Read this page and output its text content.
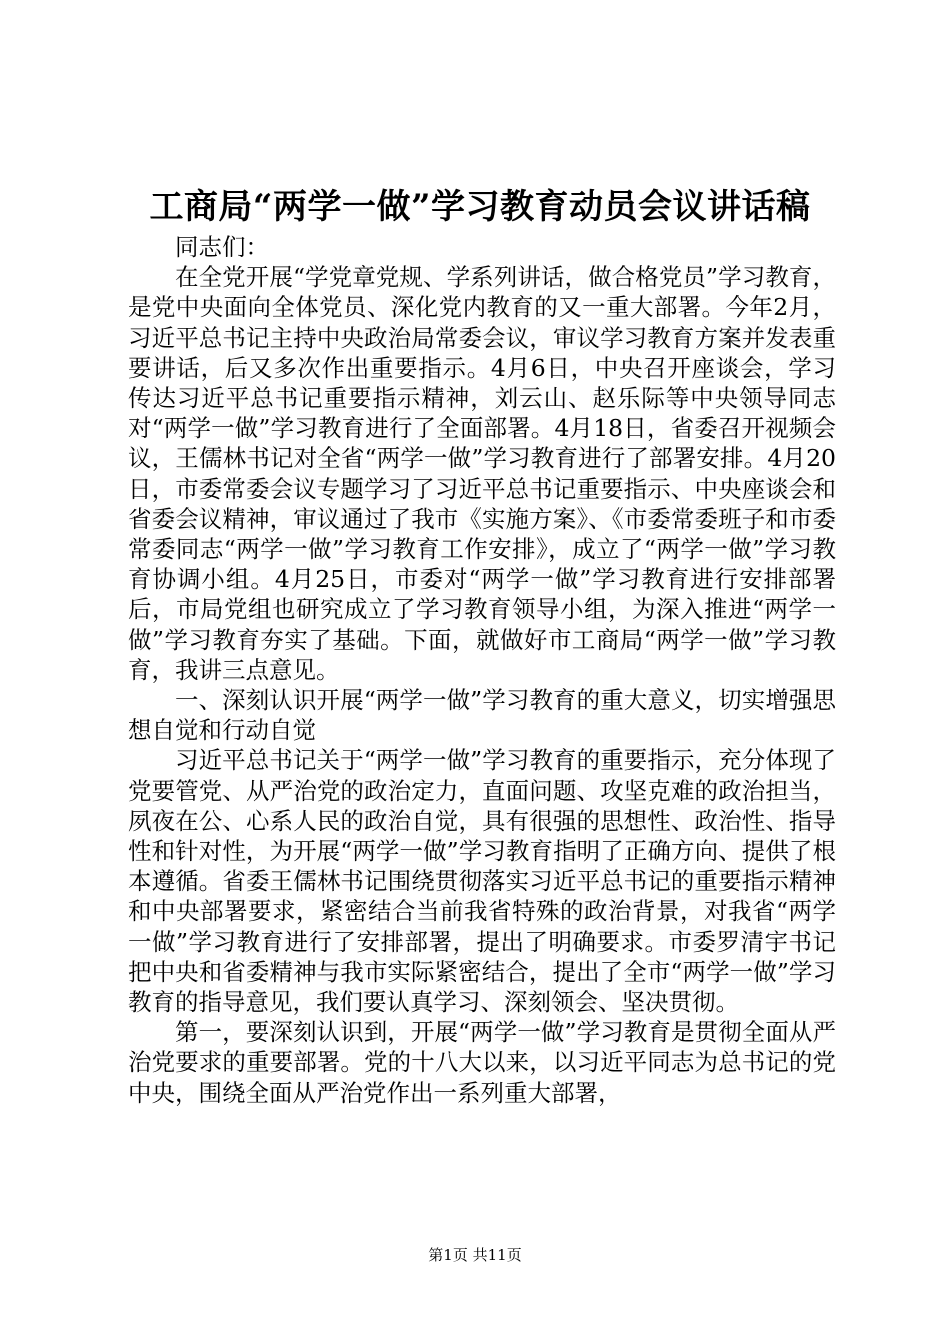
工商局“两学一做”学习教育动员会议讲话稿

同志们：

在全党开展“学党章党规、学系列讲话，做合格党员”学习教育，是党中央面向全体党员、深化党内教育的又一重大部署。今年2月，习近平总书记主持中央政治局常委会议，审议学习教育方案并发表重要讲话，后又多次作出重要指示。4月6日，中央召开座谈会，学习传达习近平总书记重要指示精神，刘云山、赵乐际等中央领导同志对“两学一做”学习教育进行了全面部署。4月18日，省委召开视频会议，王儒林书记对全省“两学一做”学习教育进行了部署安排。4月20日，市委常委会议专题学习了习近平总书记重要指示、中央座谈会和省委会议精神，审议通过了我市《实施方案》、《市委常委班子和市委常委同志“两学一做”学习教育工作安排》，成立了“两学一做”学习教育协调小组。4月25日，市委对“两学一做”学习教育进行安排部署后，市局党组也研究成立了学习教育领导小组，为深入推进“两学一做”学习教育夯实了基础。下面，就做好市工商局“两学一做”学习教育，我讲三点意见。

一、深刻认识开展“两学一做”学习教育的重大意义，切实增强思想自觉和行动自觉

习近平总书记关于“两学一做”学习教育的重要指示，充分体现了党要管党、从严治党的政治定力，直面问题、攻坚克难的政治担当，夙夜在公、心系人民的政治自觉，具有很强的思想性、政治性、指导性和针对性，为开展“两学一做”学习教育指明了正确方向、提供了根本遵循。省委王儒林书记围绕贯彻落实习近平总书记的重要指示精神和中央部署要求，紧密结合当前我省特殊的政治背景，对我省“两学一做”学习教育进行了安排部署，提出了明确要求。市委罗清宇书记把中央和省委精神与我市实际紧密结合，提出了全市“两学一做”学习教育的指导意见，我们要认真学习、深刻领会、坚决贯彻。

第一，要深刻认识到，开展“两学一做”学习教育是贯彻全面从严治党要求的重要部署。党的十八大以来，以习近平同志为总书记的党中央，围绕全面从严治党作出一系列重大部署，

第1页 共11页
